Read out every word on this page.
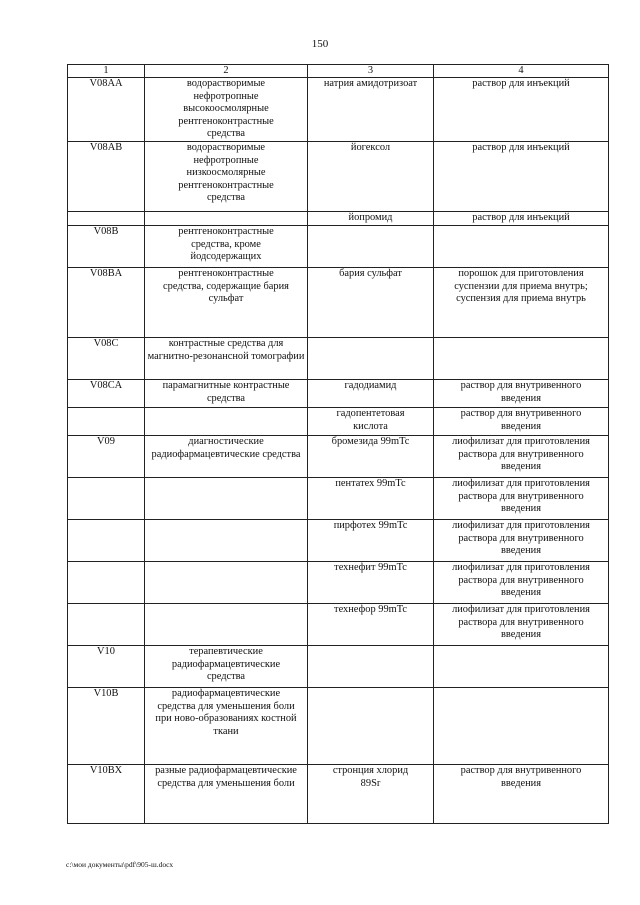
150
1	2	3	4
V08AA	водорастворимые нефротропные высокоосмолярные рентгеноконтрастные средства	натрия амидотризоат	раствор для инъекций
V08AB	водорастворимые нефротропные низкоосмолярные рентгеноконтрастные средства	йогексол	раствор для инъекций
		йопромид	раствор для инъекций
V08B	рентгеноконтрастные средства, кроме йодсодержащих		
V08BA	рентгеноконтрастные средства, содержащие бария сульфат	бария сульфат	порошок для приготовления суспензии для приема внутрь; суспензия для приема внутрь
V08C	контрастные средства для магнитно-резонансной томографии		
V08CA	парамагнитные контрастные средства	гадодиамид	раствор для внутривенного введения
		гадопентетовая кислота	раствор для внутривенного введения
V09	диагностические радиофармацевтические средства	бромезида 99mTc	лиофилизат для приготовления раствора для внутривенного введения
		пентатех 99mTc	лиофилизат для приготовления раствора для внутривенного введения
		пирфотех 99mTc	лиофилизат для приготовления раствора для внутривенного введения
		технефит 99mTc	лиофилизат для приготовления раствора для внутривенного введения
		технефор 99mTc	лиофилизат для приготовления раствора для внутривенного введения
V10	терапевтические радиофармацевтические средства		
V10B	радиофармацевтические средства для уменьшения боли при ново-образованиях костной ткани		
V10BX	разные радиофармацевтические средства для уменьшения боли	стронция хлорид 89Sr	раствор для внутривенного введения
c:\мои документы\pdf\905-ш.docx
